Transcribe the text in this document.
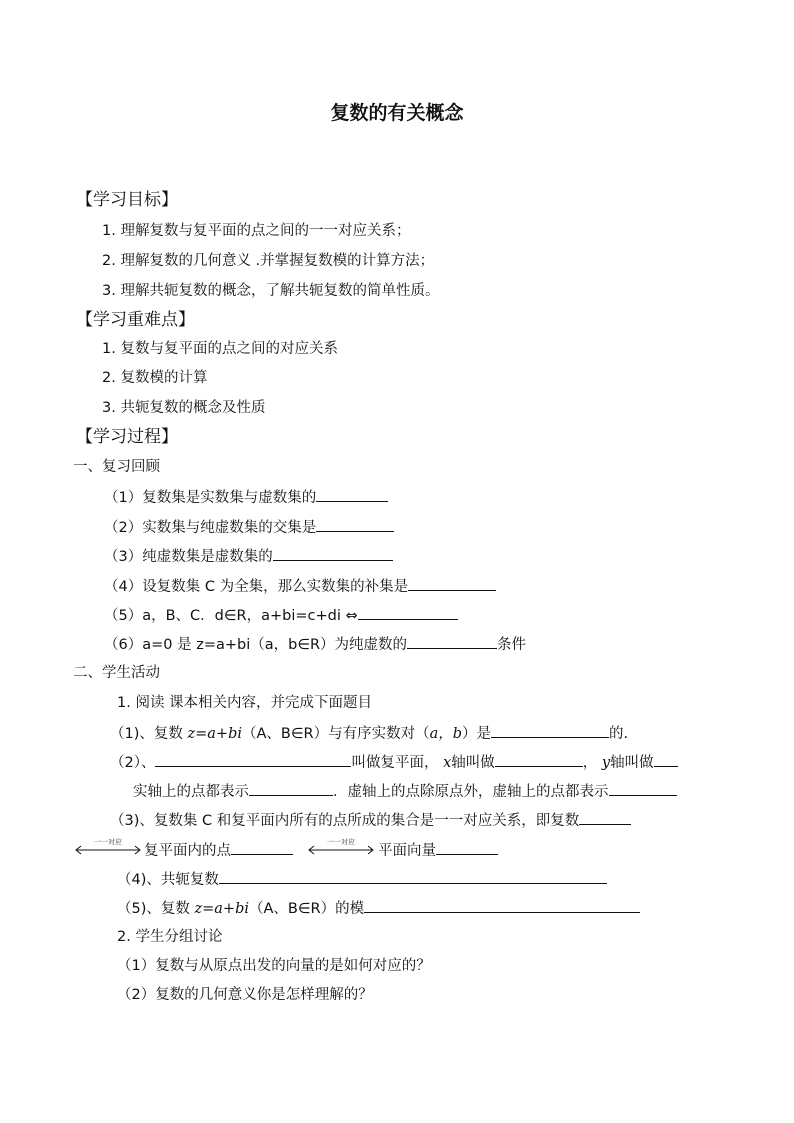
复数的有关概念
【学习目标】
1. 理解复数与复平面的点之间的一一对应关系；
2. 理解复数的几何意义 .并掌握复数模的计算方法；
3. 理解共轭复数的概念，了解共轭复数的简单性质。
【学习重难点】
1. 复数与复平面的点之间的对应关系
2. 复数模的计算
3. 共轭复数的概念及性质
【学习过程】
一、复习回顾
（1）复数集是实数集与虚数集的
（2）实数集与纯虚数集的交集是
（3）纯虚数集是虚数集的
（4）设复数集 C 为全集，那么实数集的补集是
（5）a，B、C．d∈R，a+bi=c+di ⇔
（6）a=0 是 z=a+bi（a，b∈R）为纯虚数的	条件
二、学生活动
1. 阅读 课本相关内容，并完成下面题目
（1)、复数 z=a+bi（A、B∈R）与有序实数对（a，b）是	的.
（2）、	叫做复平面， x轴叫做	， y轴叫做
实轴上的点都表示	．虚轴上的点除原点外，虚轴上的点都表示
（3)、复数集 C 和复平面内所有的点所成的集合是一一对应关系，即复数
一一对应
复平面内的点
一一对应
平面向量
（4)、共轭复数
（5)、复数 z=a+bi（A、B∈R）的模
2. 学生分组讨论
（1）复数与从原点出发的向量的是如何对应的？
（2）复数的几何意义你是怎样理解的？
